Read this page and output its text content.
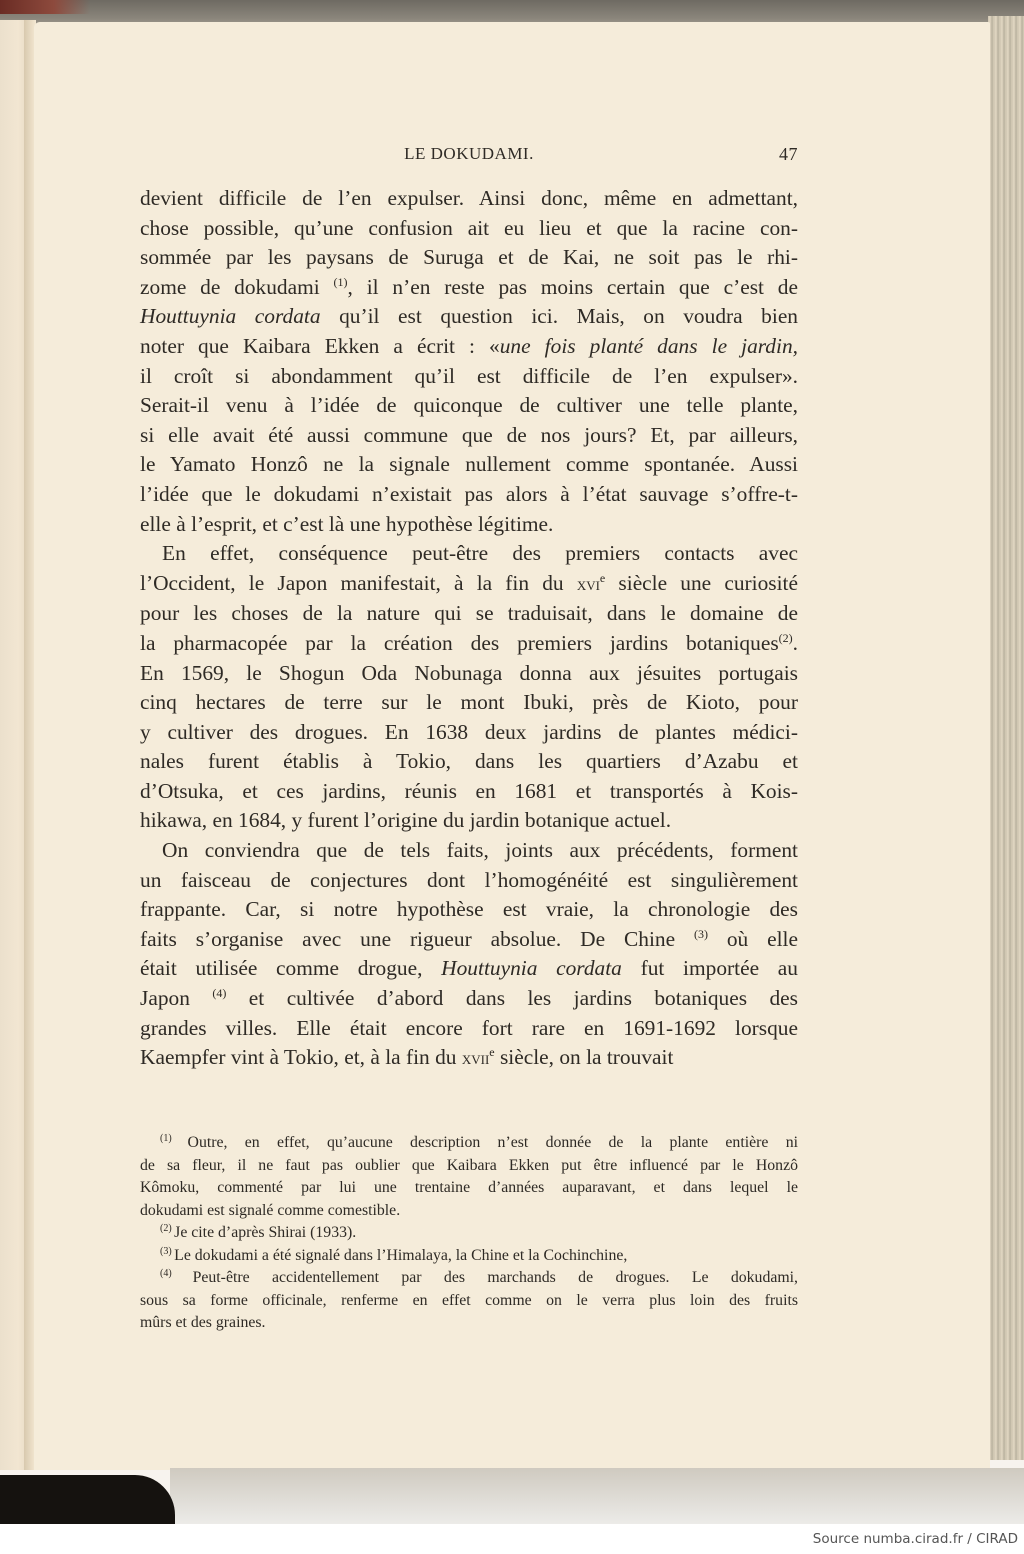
LE DOKUDAMI.	47

devient difficile de l’en expulser. Ainsi donc, même en admettant,
chose possible, qu’une confusion ait eu lieu et que la racine con-
sommée par les paysans de Suruga et de Kai, ne soit pas le rhi-
zome de dokudami $^{(1)}$, il n’en reste pas moins certain que c’est de
Houttuynia cordata qu’il est question ici. Mais, on voudra bien
noter que Kaibara Ekken a écrit : «une fois planté dans le jardin,
il croît si abondamment qu’il est difficile de l’en expulser».
Serait-il venu à l’idée de quiconque de cultiver une telle plante,
si elle avait été aussi commune que de nos jours? Et, par ailleurs,
le Yamato Honzô ne la signale nullement comme spontanée. Aussi
l’idée que le dokudami n’existait pas alors à l’état sauvage s’offre-t-
elle à l’esprit, et c’est là une hypothèse légitime.

En effet, conséquence peut-être des premiers contacts avec
l’Occident, le Japon manifestait, à la fin du xvi$^e$ siècle une curiosité
pour les choses de la nature qui se traduisait, dans le domaine de
la pharmacopée par la création des premiers jardins botaniques$^{(2)}$.
En 1569, le Shogun Oda Nobunaga donna aux jésuites portugais
cinq hectares de terre sur le mont Ibuki, près de Kioto, pour
y cultiver des drogues. En 1638 deux jardins de plantes médici-
nales furent établis à Tokio, dans les quartiers d’Azabu et
d’Otsuka, et ces jardins, réunis en 1681 et transportés à Kois-
hikawa, en 1684, y furent l’origine du jardin botanique actuel.

On conviendra que de tels faits, joints aux précédents, forment
un faisceau de conjectures dont l’homogénéité est singulièrement
frappante. Car, si notre hypothèse est vraie, la chronologie des
faits s’organise avec une rigueur absolue. De Chine $^{(3)}$ où elle
était utilisée comme drogue, Houttuynia cordata fut importée au
Japon $^{(4)}$ et cultivée d’abord dans les jardins botaniques des
grandes villes. Elle était encore fort rare en 1691-1692 lorsque
Kaempfer vint à Tokio, et, à la fin du xvii$^e$ siècle, on la trouvait

$^{(1)}$ Outre, en effet, qu’aucune description n’est donnée de la plante entière ni
de sa fleur, il ne faut pas oublier que Kaibara Ekken put être influencé par le Honzô
Kômoku, commenté par lui une trentaine d’années auparavant, et dans lequel le
dokudami est signalé comme comestible.
$^{(2)}$ Je cite d’après Shirai (1933).
$^{(3)}$ Le dokudami a été signalé dans l’Himalaya, la Chine et la Cochinchine,
$^{(4)}$ Peut-être accidentellement par des marchands de drogues. Le dokudami,
sous sa forme officinale, renferme en effet comme on le verra plus loin des fruits
mûrs et des graines.
Source numba.cirad.fr / CIRAD
